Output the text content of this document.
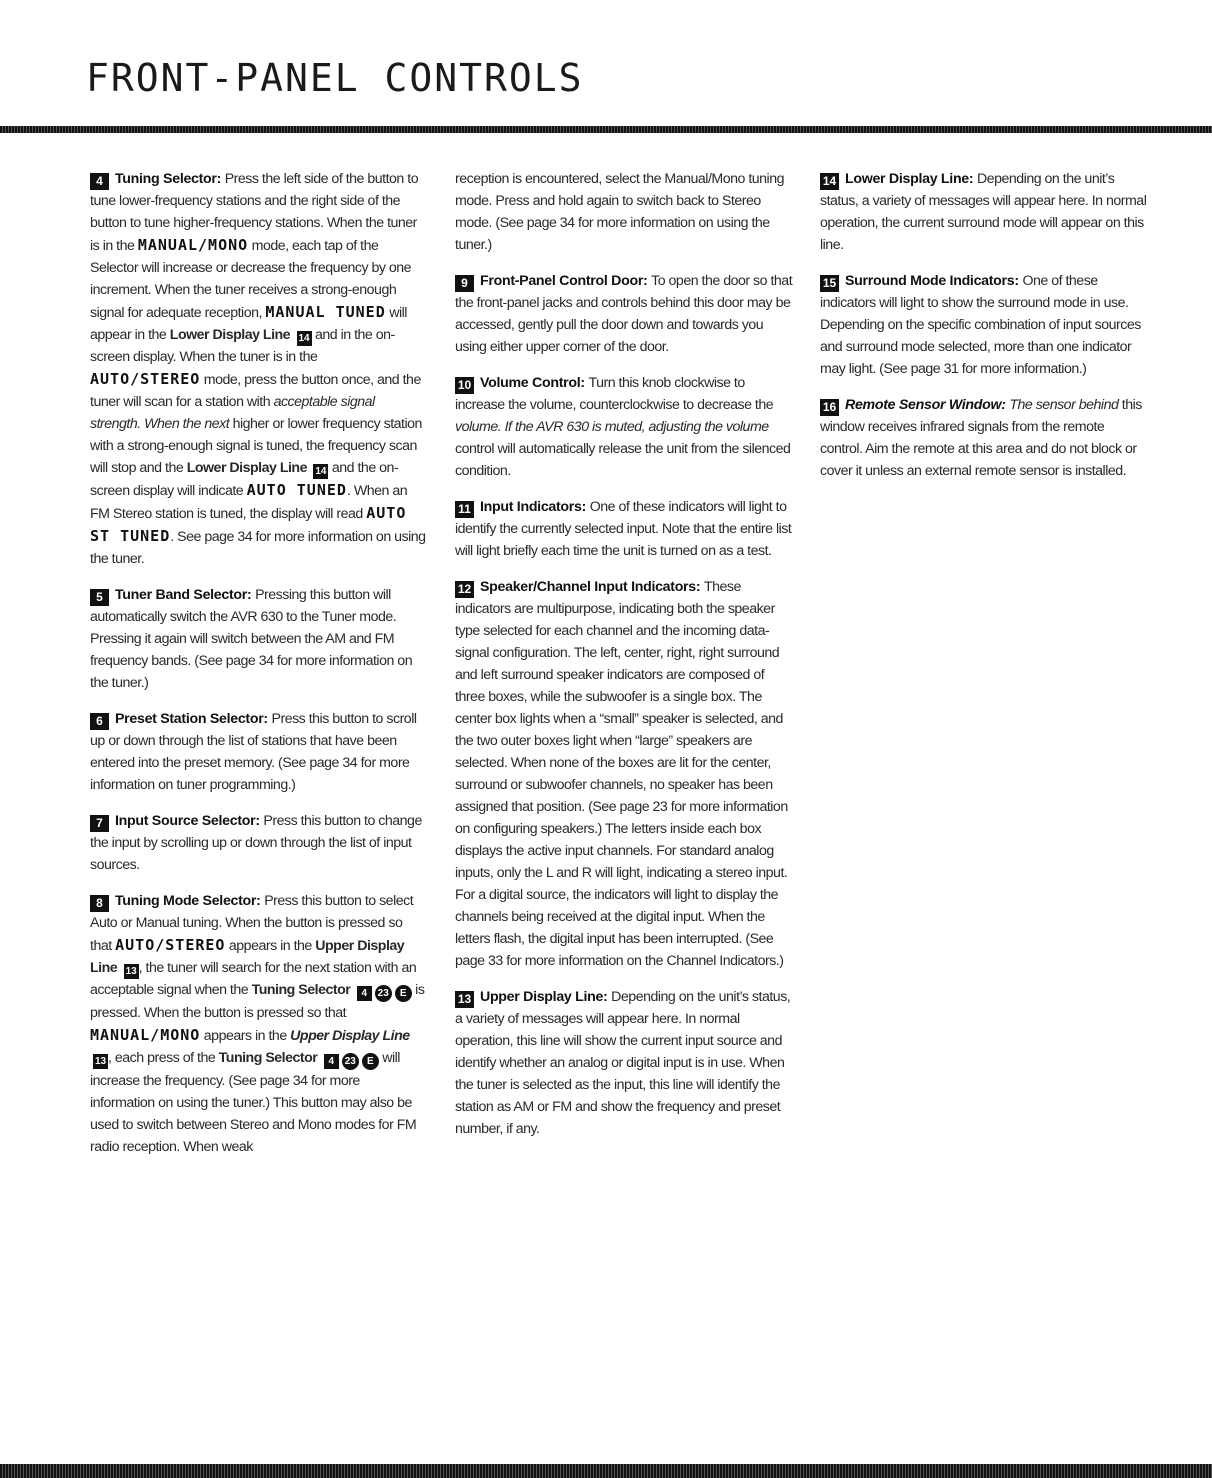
FRONT-PANEL CONTROLS

4 Tuning Selector: Press the left side of the button to tune lower-frequency stations and the right side of the button to tune higher-frequency stations. When the tuner is in the MANUAL/MONO mode, each tap of the Selector will increase or decrease the frequency by one increment. When the tuner receives a strong-enough signal for adequate reception, MANUAL TUNED will appear in the Lower Display Line 14 and in the on-screen display. When the tuner is in the AUTO/STEREO mode, press the button once, and the tuner will scan for a station with acceptable signal strength. When the next higher or lower frequency station with a strong-enough signal is tuned, the frequency scan will stop and the Lower Display Line 14 and the on-screen display will indicate AUTO TUNED. When an FM Stereo station is tuned, the display will read AUTO ST TUNED. See page 34 for more information on using the tuner.

5 Tuner Band Selector: Pressing this button will automatically switch the AVR 630 to the Tuner mode. Pressing it again will switch between the AM and FM frequency bands. (See page 34 for more information on the tuner.)

6 Preset Station Selector: Press this button to scroll up or down through the list of stations that have been entered into the preset memory. (See page 34 for more information on tuner programming.)

7 Input Source Selector: Press this button to change the input by scrolling up or down through the list of input sources.

8 Tuning Mode Selector: Press this button to select Auto or Manual tuning. When the button is pressed so that AUTO/STEREO appears in the Upper Display Line 13 , the tuner will search for the next station with an acceptable signal when the Tuning Selector 4 23 E is pressed. When the button is pressed so that MANUAL/MONO appears in the Upper Display Line 13 , each press of the Tuning Selector 4 23 E will increase the frequency. (See page 34 for more information on using the tuner.) This button may also be used to switch between Stereo and Mono modes for FM radio reception. When weak

reception is encountered, select the Manual/Mono tuning mode. Press and hold again to switch back to Stereo mode. (See page 34 for more information on using the tuner.)

9 Front-Panel Control Door: To open the door so that the front-panel jacks and controls behind this door may be accessed, gently pull the door down and towards you using either upper corner of the door.

10 Volume Control: Turn this knob clockwise to increase the volume, counterclockwise to decrease the volume. If the AVR 630 is muted, adjusting the volume control will automatically release the unit from the silenced condition.

11 Input Indicators: One of these indicators will light to identify the currently selected input. Note that the entire list will light briefly each time the unit is turned on as a test.

12 Speaker/Channel Input Indicators: These indicators are multipurpose, indicating both the speaker type selected for each channel and the incoming data-signal configuration. The left, center, right, right surround and left surround speaker indicators are composed of three boxes, while the subwoofer is a single box. The center box lights when a “small” speaker is selected, and the two outer boxes light when “large” speakers are selected. When none of the boxes are lit for the center, surround or subwoofer channels, no speaker has been assigned that position. (See page 23 for more information on configuring speakers.) The letters inside each box displays the active input channels. For standard analog inputs, only the L and R will light, indicating a stereo input. For a digital source, the indicators will light to display the channels being received at the digital input. When the letters flash, the digital input has been interrupted. (See page 33 for more information on the Channel Indicators.)

13 Upper Display Line: Depending on the unit’s status, a variety of messages will appear here. In normal operation, this line will show the current input source and identify whether an analog or digital input is in use. When the tuner is selected as the input, this line will identify the station as AM or FM and show the frequency and preset number, if any.

14 Lower Display Line: Depending on the unit’s status, a variety of messages will appear here. In normal operation, the current surround mode will appear on this line.

15 Surround Mode Indicators: One of these indicators will light to show the surround mode in use. Depending on the specific combination of input sources and surround mode selected, more than one indicator may light. (See page 31 for more information.)

16 Remote Sensor Window: The sensor behind this window receives infrared signals from the remote control. Aim the remote at this area and do not block or cover it unless an external remote sensor is installed.
